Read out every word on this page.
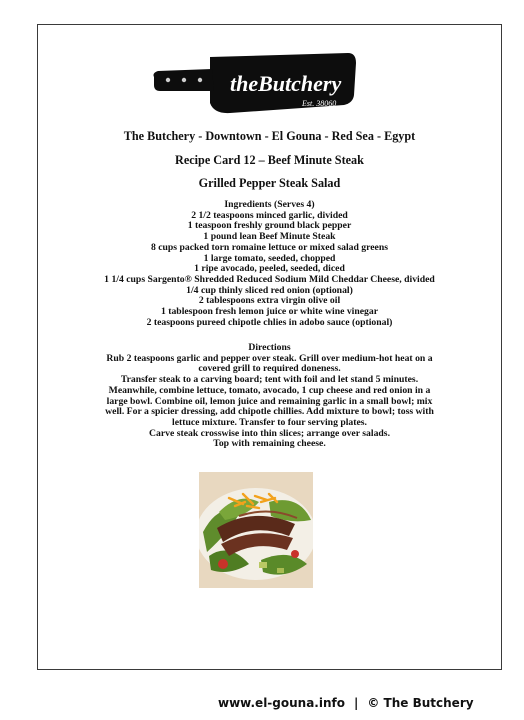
theButchery
Est. 38060
The Butchery - Downtown - El Gouna - Red Sea - Egypt
Recipe Card 12 – Beef Minute Steak
Grilled Pepper Steak Salad
Ingredients (Serves 4)
2 1/2 teaspoons minced garlic, divided
1 teaspoon freshly ground black pepper
1 pound lean Beef Minute Steak
8 cups packed torn romaine lettuce or mixed salad greens
1 large tomato, seeded, chopped
1 ripe avocado, peeled, seeded, diced
1 1/4 cups Sargento® Shredded Reduced Sodium Mild Cheddar Cheese, divided
1/4 cup thinly sliced red onion (optional)
2 tablespoons extra virgin olive oil
1 tablespoon fresh lemon juice or white wine vinegar
2 teaspoons pureed chipotle chlies in adobo sauce (optional)
Directions
Rub 2 teaspoons garlic and pepper over steak. Grill over medium-hot heat on a
covered grill to required doneness.
Transfer steak to a carving board; tent with foil and let stand 5 minutes.
Meanwhile, combine lettuce, tomato, avocado, 1 cup cheese and red onion in a
large bowl. Combine oil, lemon juice and remaining garlic in a small bowl; mix
well. For a spicier dressing, add chipotle chillies. Add mixture to bowl; toss with
lettuce mixture. Transfer to four serving plates.
Carve steak crosswise into thin slices; arrange over salads.
Top with remaining cheese.
www.el-gouna.info | © The Butchery
